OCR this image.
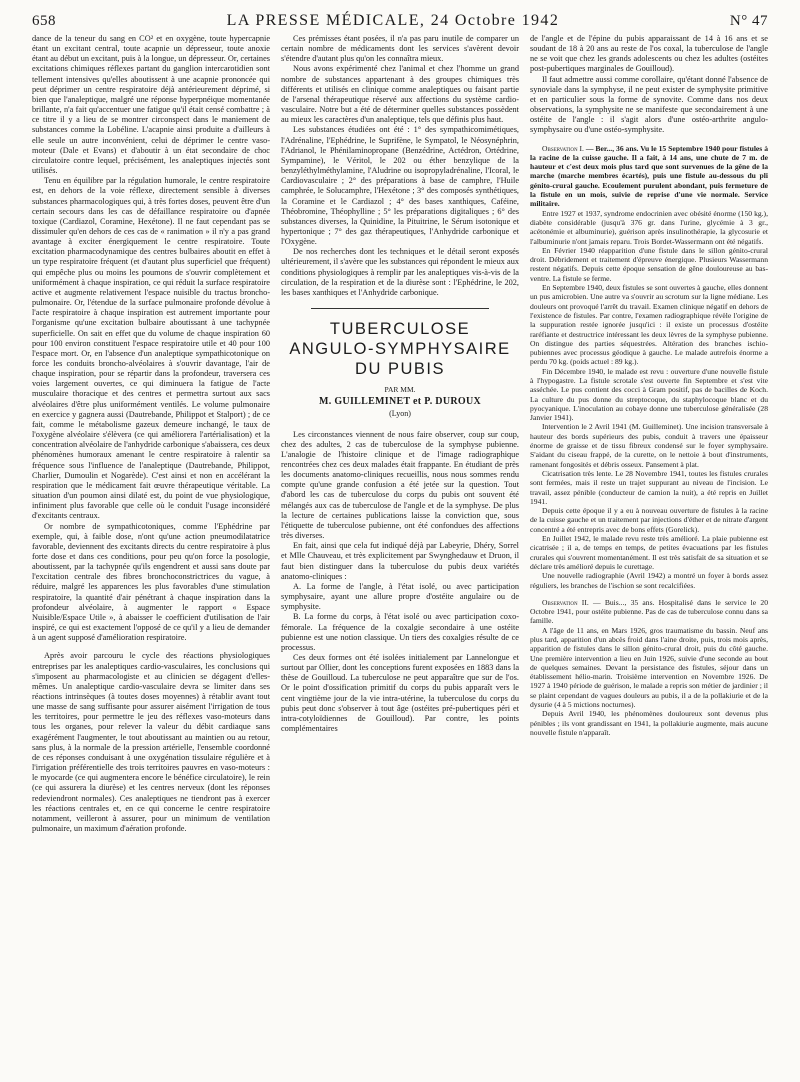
658	LA PRESSE MÉDICALE, 24 Octobre 1942	N° 47

dance de la teneur du sang en CO² et en oxygène, toute hypercapnie étant un excitant central, toute acapnie un dépresseur, toute anoxie étant au début un excitant, puis à la longue, un dépresseur. Or, certaines excitations chimiques réflexes partant du ganglion intercarotidien sont tellement intensives qu'elles aboutissent à une acapnie prononcée qui peut déprimer un centre respiratoire déjà antérieurement déprimé, si bien que l'analeptique, malgré une réponse hyperpnéique momentanée brillante, n'a fait qu'accentuer une fatigue qu'il était censé combattre ; à ce titre il y a lieu de se montrer circonspect dans le maniement de substances comme la Lobéline. L'acapnie ainsi produite a d'ailleurs à elle seule un autre inconvénient, celui de déprimer le centre vaso-moteur (Dale et Evans) et d'aboutir à un état secondaire de choc circulatoire contre lequel, précisément, les analeptiques injectés sont utilisés.

Tenu en équilibre par la régulation humorale, le centre respiratoire est, en dehors de la voie réflexe, directement sensible à diverses substances pharmacologiques qui, à très fortes doses, peuvent être d'un certain secours dans les cas de défaillance respiratoire ou d'apnée toxique (Cardiazol, Coramine, Hexétone). Il ne faut cependant pas se dissimuler qu'en dehors de ces cas de « ranimation » il n'y a pas grand avantage à exciter énergiquement le centre respiratoire. Toute excitation pharmacodynamique des centres bulbaires aboutit en effet à un type respiratoire fréquent (et d'autant plus superficiel que fréquent) qui empêche plus ou moins les poumons de s'ouvrir complètement et uniformément à chaque inspiration, ce qui réduit la surface respiratoire active et augmente relativement l'espace nuisible du tractus broncho-pulmonaire. Or, l'étendue de la surface pulmonaire profonde dévolue à l'acte respiratoire à chaque inspiration est autrement importante pour l'organisme qu'une excitation bulbaire aboutissant à une tachypnée superficielle. On sait en effet que du volume de chaque inspiration 60 pour 100 environ constituent l'espace respiratoire utile et 40 pour 100 l'espace mort. Or, en l'absence d'un analeptique sympathicotonique on force les conduits broncho-alvéolaires à s'ouvrir davantage, l'air de chaque inspiration, pour se répartir dans la profondeur, traversera ces voies largement ouvertes, ce qui diminuera la fatigue de l'acte musculaire thoracique et des centres et permettra surtout aux sacs alvéolaires d'être plus uniformément ventilés. Le volume pulmonaire en exercice y gagnera aussi (Dautrebande, Philippot et Stalport) ; de ce fait, comme le métabolisme gazeux demeure inchangé, le taux de l'oxygène alvéolaire s'élèvera (ce qui améliorera l'artérialisation) et la concentration alvéolaire de l'anhydride carbonique s'abaissera, ces deux phénomènes humoraux amenant le centre respiratoire à ralentir sa fréquence sous l'influence de l'analeptique (Dautrebande, Philippot, Charlier, Dumoulin et Nogarède). C'est ainsi et non en accélérant la respiration que le médicament fait œuvre thérapeutique véritable. La situation d'un poumon ainsi dilaté est, du point de vue physiologique, infiniment plus favorable que celle où le conduit l'usage inconsidéré d'excitants centraux.

Or nombre de sympathicotoniques, comme l'Ephédrine par exemple, qui, à faible dose, n'ont qu'une action pneumodilatatrice favorable, deviennent des excitants directs du centre respiratoire à plus forte dose et dans ces conditions, pour peu qu'on force la posologie, aboutissent, par la tachypnée qu'ils engendrent et aussi sans doute par l'excitation centrale des fibres bronchoconstrictrices du vague, à réduire, malgré les apparences les plus favorables d'une stimulation respiratoire, la quantité d'air pénétrant à chaque inspiration dans la profondeur alvéolaire, à augmenter le rapport « Espace Nuisible/Espace Utile », à abaisser le coefficient d'utilisation de l'air inspiré, ce qui est exactement l'opposé de ce qu'il y a lieu de demander à un agent supposé d'amélioration respiratoire.

Après avoir parcouru le cycle des réactions physiologiques entreprises par les analeptiques cardio-vasculaires, les conclusions qui s'imposent au pharmacologiste et au clinicien se dégagent d'elles-mêmes. Un analeptique cardio-vasculaire devra se limiter dans ses réactions intrinsèques (à toutes doses moyennes) à rétablir avant tout une masse de sang suffisante pour assurer aisément l'irrigation de tous les territoires, pour permettre le jeu des réflexes vaso-moteurs dans tous les organes, pour relever la valeur du débit cardiaque sans exagérément l'augmenter, le tout aboutissant au maintien ou au retour, sans plus, à la normale de la pression artérielle, l'ensemble coordonné de ces réponses conduisant à une oxygénation tissulaire régulière et à l'irrigation préférentielle des trois territoires pauvres en vaso-moteurs : le myocarde (ce qui augmentera encore le bénéfice circulatoire), le rein (ce qui assurera la diurèse) et les centres nerveux (dont les réponses redeviendront normales). Ces analeptiques ne tiendront pas à exercer les réactions centrales et, en ce qui concerne le centre respiratoire notamment, veilleront à assurer, pour un minimum de ventilation pulmonaire, un maximum d'aération profonde.

Ces prémisses étant posées, il n'a pas paru inutile de comparer un certain nombre de médicaments dont les services s'avèrent devoir s'étendre d'autant plus qu'on les connaîtra mieux.

Nous avons expérimenté chez l'animal et chez l'homme un grand nombre de substances appartenant à des groupes chimiques très différents et utilisés en clinique comme analeptiques ou faisant partie de l'arsenal thérapeutique réservé aux affections du système cardio-vasculaire. Notre but a été de déterminer quelles substances possèdent au mieux les caractères d'un analeptique, tels que définis plus haut.

Les substances étudiées ont été : 1° des sympathicomimétiques, l'Adrénaline, l'Ephédrine, le Suprifène, le Sympatol, le Néosynéphrin, l'Adrianol, le Phénilaminopropane (Benzédrine, Actédron, Ortédrine, Sympamine), le Véritol, le 202 ou éther benzylique de la benzyléthylméthylamine, l'Aludrine ou isopropyladrénaline, l'Icoral, le Cardiovasculaire ; 2° des préparations à base de camphre, l'Huile camphrée, le Solucamphre, l'Hexétone ; 3° des composés synthétiques, la Coramine et le Cardiazol ; 4° des bases xanthiques, Caféine, Théobromine, Théophylline ; 5° les préparations digitaliques ; 6° des substances diverses, la Quinidine, la Pituitrine, le Sérum isotonique et hypertonique ; 7° des gaz thérapeutiques, l'Anhydride carbonique et l'Oxygène.

De nos recherches dont les techniques et le détail seront exposés ultérieurement, il s'avère que les substances qui répondent le mieux aux conditions physiologiques à remplir par les analeptiques vis-à-vis de la circulation, de la respiration et de la diurèse sont : l'Ephédrine, le 202, les bases xanthiques et l'Anhydride carbonique.

TUBERCULOSE
ANGULO-SYMPHYSAIRE
DU PUBIS
PAR MM.
M. GUILLEMINET et P. DUROUX
(Lyon)

Les circonstances viennent de nous faire observer, coup sur coup, chez des adultes, 2 cas de tuberculose de la symphyse pubienne. L'analogie de l'histoire clinique et de l'image radiographique rencontrées chez ces deux malades était frappante. En étudiant de près les documents anatomo-cliniques recueillis, nous nous sommes rendu compte qu'une grande confusion a été jetée sur la question. Tout d'abord les cas de tuberculose du corps du pubis ont souvent été mélangés aux cas de tuberculose de l'angle et de la symphyse. De plus la lecture de certaines publications laisse la conviction que, sous l'étiquette de tuberculose pubienne, ont été confondues des affections très diverses.

En fait, ainsi que cela fut indiqué déjà par Labeyrie, Dhéry, Sorrel et Mlle Chauveau, et très explicitement par Swynghedauw et Druon, il faut bien distinguer dans la tuberculose du pubis deux variétés anatomo-cliniques :

A. La forme de l'angle, à l'état isolé, ou avec participation symphysaire, ayant une allure propre d'ostéite angulaire ou de symphysite.

B. La forme du corps, à l'état isolé ou avec participation coxo-fémorale. La fréquence de la coxalgie secondaire à une ostéite pubienne est une notion classique. Un tiers des coxalgies résulte de ce processus.

Ces deux formes ont été isolées initialement par Lannelongue et surtout par Ollier, dont les conceptions furent exposées en 1883 dans la thèse de Gouilloud. La tuberculose ne peut apparaître que sur de l'os. Or le point d'ossification primitif du corps du pubis apparaît vers le cent vingtième jour de la vie intra-utérine, la tuberculose du corps du pubis peut donc s'observer à tout âge (ostéites pré-pubertiques péri et intra-cotyloïdiennes de Gouilloud). Par contre, les points complémentaires

de l'angle et de l'épine du pubis apparaissant de 14 à 16 ans et se soudant de 18 à 20 ans au reste de l'os coxal, la tuberculose de l'angle ne se voit que chez les grands adolescents ou chez les adultes (ostéites post-pubertiques marginales de Gouilloud).

Il faut admettre aussi comme corollaire, qu'étant donné l'absence de synoviale dans la symphyse, il ne peut exister de symphysite primitive et en particulier sous la forme de synovite. Comme dans nos deux observations, la symphysite ne se manifeste que secondairement à une ostéite de l'angle : il s'agit alors d'une ostéo-arthrite angulo-symphysaire ou d'une ostéo-symphysite.

Observation I. — Ber..., 36 ans. Vu le 15 Septembre 1940 pour fistules à la racine de la cuisse gauche. Il a fait, à 14 ans, une chute de 7 m. de hauteur et c'est deux mois plus tard que sont survenues de la gêne de la marche (marche membres écartés), puis une fistule au-dessous du pli génito-crural gauche. Ecoulement purulent abondant, puis fermeture de la fistule en un mois, suivie de reprise d'une vie normale. Service militaire.

Entre 1927 et 1937, syndrome endocrinien avec obésité énorme (150 kg.), diabète considérable (jusqu'à 376 gr. dans l'urine, glycémie à 3 gr., acétonémie et albuminurie), guérison après insulinothérapie, la glycosurie et l'albuminurie n'ont jamais reparu. Trois Bordet-Wassermann ont été négatifs.

En Février 1940 réapparition d'une fistule dans le sillon génito-crural droit. Débridement et traitement d'épreuve énergique. Plusieurs Wassermann restent négatifs. Depuis cette époque sensation de gêne douloureuse au bas-ventre. La fistule se ferme.

En Septembre 1940, deux fistules se sont ouvertes à gauche, elles donnent un pus amicrobien. Une autre va s'ouvrir au scrotum sur la ligne médiane. Les douleurs ont provoqué l'arrêt du travail. Examen clinique négatif en dehors de l'existence de fistules. Par contre, l'examen radiographique révèle l'origine de la suppuration restée ignorée jusqu'ici : il existe un processus d'ostéite raréfiante et destructrice intéressant les deux lèvres de la symphyse pubienne. On distingue des parties séquestrées. Altération des branches ischio-pubiennes avec processus géodique à gauche. Le malade autrefois énorme a perdu 70 kg. (poids actuel : 89 kg.).

Fin Décembre 1940, le malade est revu : ouverture d'une nouvelle fistule à l'hypogastre. La fistule scrotale s'est ouverte fin Septembre et s'est vite asséchée. Le pus contient des cocci à Gram positif, pas de bacilles de Koch. La culture du pus donne du streptocoque, du staphylocoque blanc et du pyocyanique. L'inoculation au cobaye donne une tuberculose généralisée (28 Janvier 1941).

Intervention le 2 Avril 1941 (M. Guilleminet). Une incision transversale à hauteur des bords supérieurs des pubis, conduit à travers une épaisseur énorme de graisse et de tissu fibreux condensé sur le foyer symphysaire. S'aidant du ciseau frappé, de la curette, on le nettoie à bout d'instruments, ramenant fongosités et débris osseux. Pansement à plat.

Cicatrisation très lente. Le 28 Novembre 1941, toutes les fistules crurales sont fermées, mais il reste un trajet suppurant au niveau de l'incision. Le travail, assez pénible (conducteur de camion la nuit), a été repris en Juillet 1941.

Depuis cette époque il y a eu à nouveau ouverture de fistules à la racine de la cuisse gauche et un traitement par injections d'éther et de nitrate d'argent concentré a été entrepris avec de bons effets (Gorelick).

En Juillet 1942, le malade revu reste très amélioré. La plaie pubienne est cicatrisée ; il a, de temps en temps, de petites évacuations par les fistules crurales qui s'ouvrent momentanément. Il est très satisfait de sa situation et se déclare très amélioré depuis le curettage.

Une nouvelle radiographie (Avril 1942) a montré un foyer à bords assez réguliers, les branches de l'ischion se sont recalcifiées.

Observation II. — Buis..., 35 ans. Hospitalisé dans le service le 20 Octobre 1941, pour ostéite pubienne. Pas de cas de tuberculose connu dans sa famille.

A l'âge de 11 ans, en Mars 1926, gros traumatisme du bassin. Neuf ans plus tard, apparition d'un abcès froid dans l'aine droite, puis, trois mois après, apparition de fistules dans le sillon génito-crural droit, puis du côté gauche. Une première intervention a lieu en Juin 1926, suivie d'une seconde au bout de quelques semaines. Devant la persistance des fistules, séjour dans un établissement hélio-marin. Troisième intervention en Novembre 1926. De 1927 à 1940 période de guérison, le malade a repris son métier de jardinier ; il se plaint cependant de vagues douleurs au pubis, il a de la pollakiurie et de la dysurie (4 à 5 mictions nocturnes).

Depuis Avril 1940, les phénomènes douloureux sont devenus plus pénibles ; ils vont grandissant en 1941, la pollakiurie augmente, mais aucune nouvelle fistule n'apparaît.
